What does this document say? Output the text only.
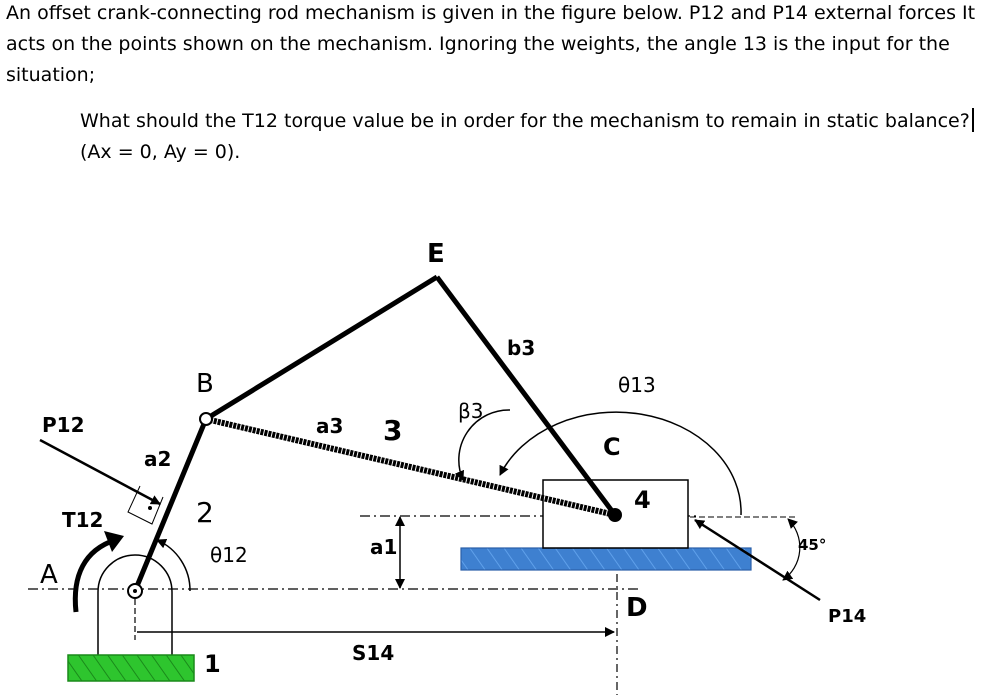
An offset crank-connecting rod mechanism is given in the figure below. P12 and P14 external forces It acts on the points shown on the mechanism. Ignoring the weights, the angle 13 is the input for the situation;
What should the T12 torque value be in order for the mechanism to remain in static balance?
(Ax = 0, Ay = 0).
E
B
C
A
D
2
3
4
1
P12
T12
P14
a2
a3
a1
b3
β3
θ12
θ13
S14
45°
